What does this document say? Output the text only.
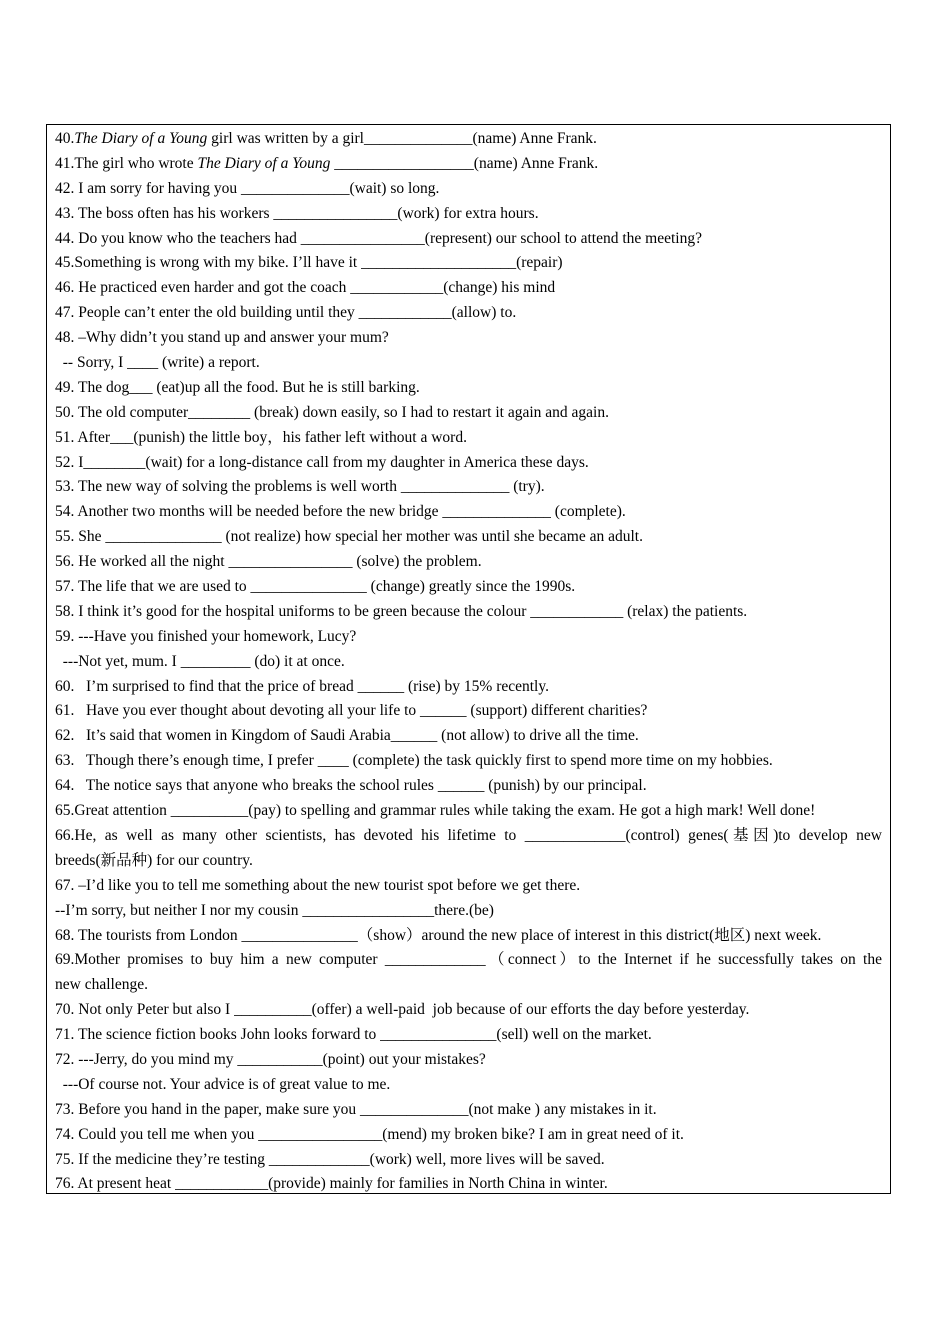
40.The Diary of a Young girl was written by a girl______________(name) Anne Frank.
41.The girl who wrote The Diary of a Young __________________(name) Anne Frank.
42. I am sorry for having you ______________(wait) so long.
43. The boss often has his workers ________________(work) for extra hours.
44. Do you know who the teachers had ________________(represent) our school to attend the meeting?
45.Something is wrong with my bike. I’ll have it ____________________(repair)
46. He practiced even harder and got the coach ____________(change) his mind
47. People can’t enter the old building until they ____________(allow) to.
48. –Why didn’t you stand up and answer your mum?
-- Sorry, I ____ (write) a report.
49. The dog___ (eat)up all the food. But he is still barking.
50. The old computer________ (break) down easily, so I had to restart it again and again.
51. After___(punish) the little boy，his father left without a word.
52. I________(wait) for a long-distance call from my daughter in America these days.
53. The new way of solving the problems is well worth ______________ (try).
54. Another two months will be needed before the new bridge ______________ (complete).
55. She _______________ (not realize) how special her mother was until she became an adult.
56. He worked all the night ________________ (solve) the problem.
57. The life that we are used to _______________ (change) greatly since the 1990s.
58. I think it’s good for the hospital uniforms to be green because the colour ____________ (relax) the patients.
59. ---Have you finished your homework, Lucy?
---Not yet, mum. I _________ (do) it at once.
60.   I’m surprised to find that the price of bread ______ (rise) by 15% recently.
61.   Have you ever thought about devoting all your life to ______ (support) different charities?
62.   It’s said that women in Kingdom of Saudi Arabia______ (not allow) to drive all the time.
63.   Though there’s enough time, I prefer ____ (complete) the task quickly first to spend more time on my hobbies.
64.   The notice says that anyone who breaks the school rules ______ (punish) by our principal.
65.Great attention __________(pay) to spelling and grammar rules while taking the exam. He got a high mark! Well done!
66.He, as well as many other scientists, has devoted his lifetime to _____________(control) genes(基因)to develop new
breeds(新品种) for our country.
67. –I’d like you to tell me something about the new tourist spot before we get there.
--I’m sorry, but neither I nor my cousin _________________there.(be)
68. The tourists from London _______________（show）around the new place of interest in this district(地区) next week.
69.Mother promises to buy him a new computer _____________（connect）to the Internet if he successfully takes on the
new challenge.
70. Not only Peter but also I __________(offer) a well-paid  job because of our efforts the day before yesterday.
71. The science fiction books John looks forward to _______________(sell) well on the market.
72. ---Jerry, do you mind my ___________(point) out your mistakes?
---Of course not. Your advice is of great value to me.
73. Before you hand in the paper, make sure you ______________(not make ) any mistakes in it.
74. Could you tell me when you ________________(mend) my broken bike? I am in great need of it.
75. If the medicine they’re testing _____________(work) well, more lives will be saved.
76. At present heat ____________(provide) mainly for families in North China in winter.
